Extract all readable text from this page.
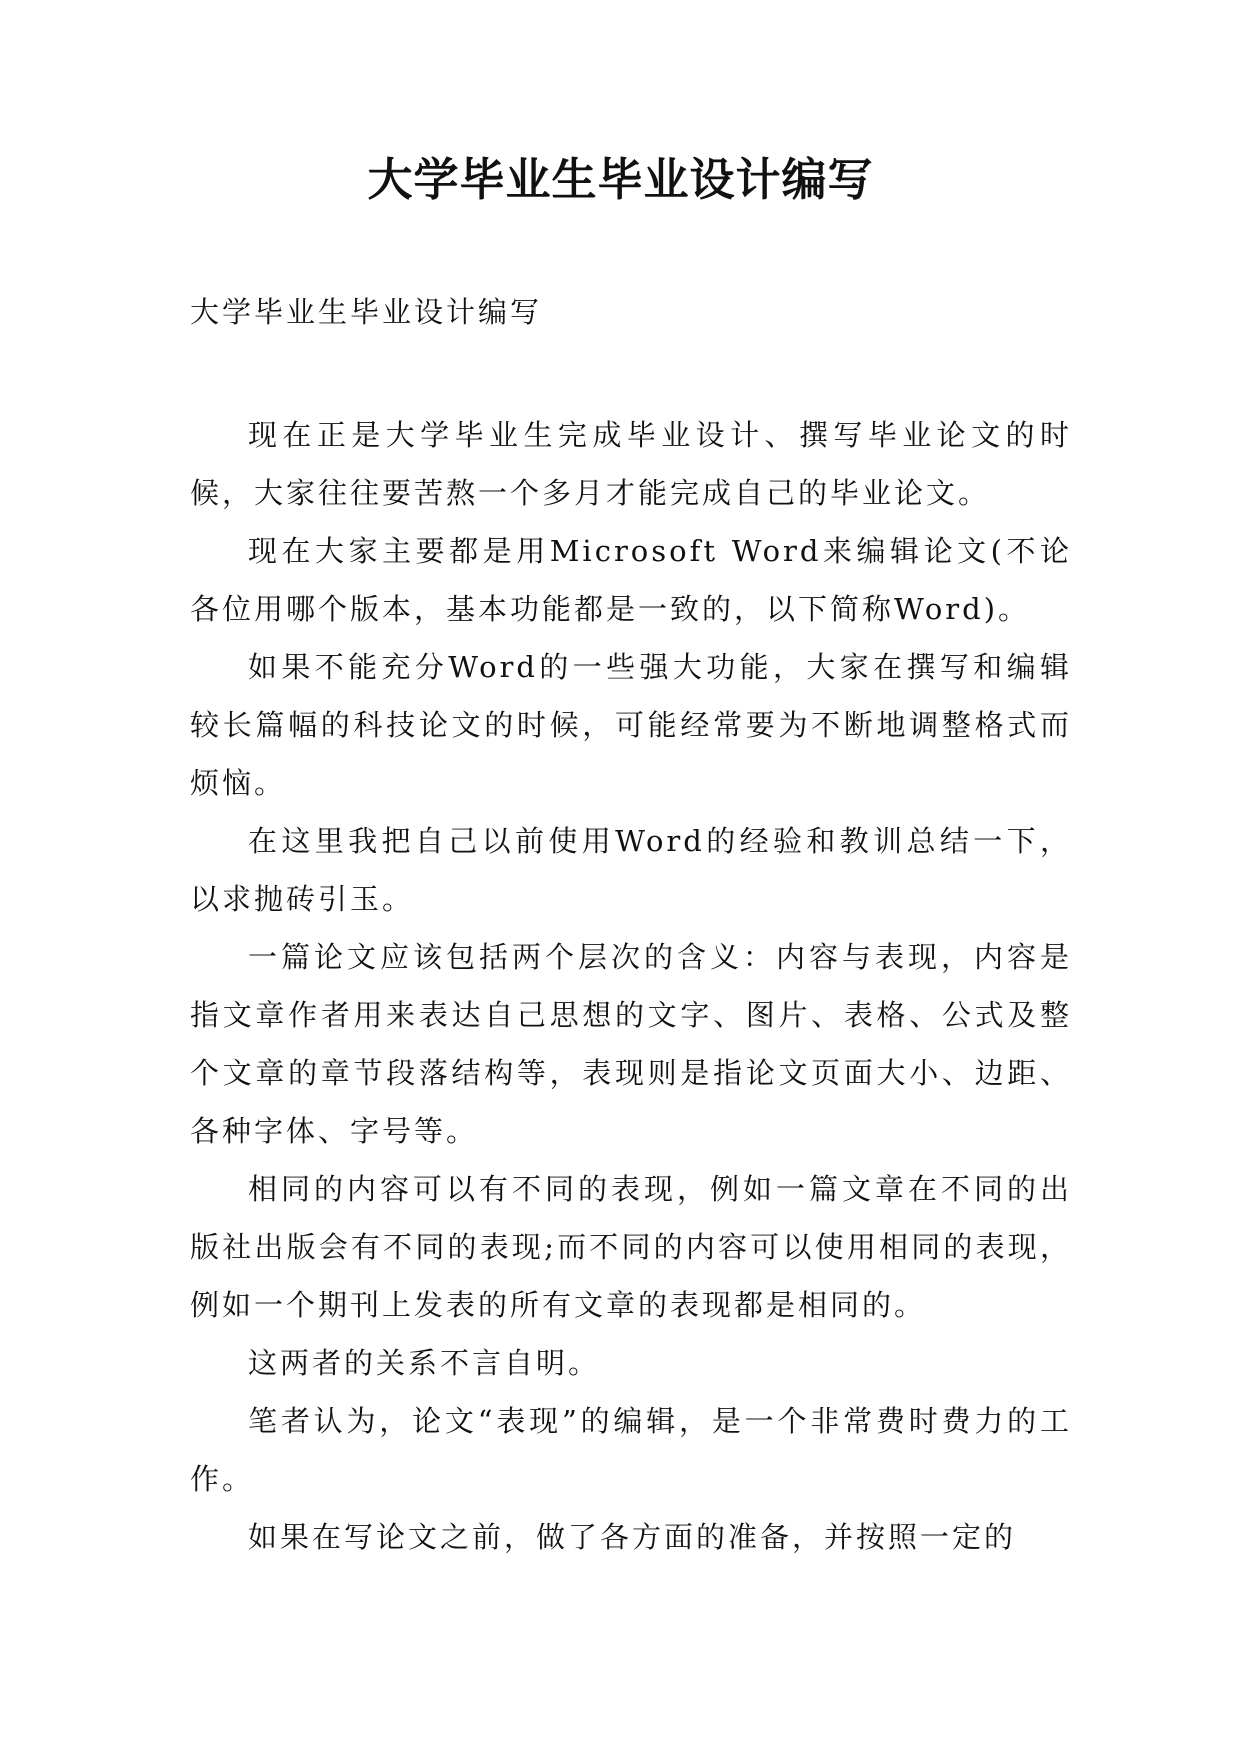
大学毕业生毕业设计编写

大学毕业生毕业设计编写

现在正是大学毕业生完成毕业设计、撰写毕业论文的时候，大家往往要苦熬一个多月才能完成自己的毕业论文。

现在大家主要都是用Microsoft Word来编辑论文(不论各位用哪个版本，基本功能都是一致的，以下简称Word)。

如果不能充分Word的一些强大功能，大家在撰写和编辑较长篇幅的科技论文的时候，可能经常要为不断地调整格式而烦恼。

在这里我把自己以前使用Word的经验和教训总结一下，以求抛砖引玉。

一篇论文应该包括两个层次的含义：内容与表现，内容是指文章作者用来表达自己思想的文字、图片、表格、公式及整个文章的章节段落结构等，表现则是指论文页面大小、边距、各种字体、字号等。

相同的内容可以有不同的表现，例如一篇文章在不同的出版社出版会有不同的表现;而不同的内容可以使用相同的表现，例如一个期刊上发表的所有文章的表现都是相同的。

这两者的关系不言自明。

笔者认为，论文“表现”的编辑，是一个非常费时费力的工作。

如果在写论文之前，做了各方面的准备，并按照一定的
